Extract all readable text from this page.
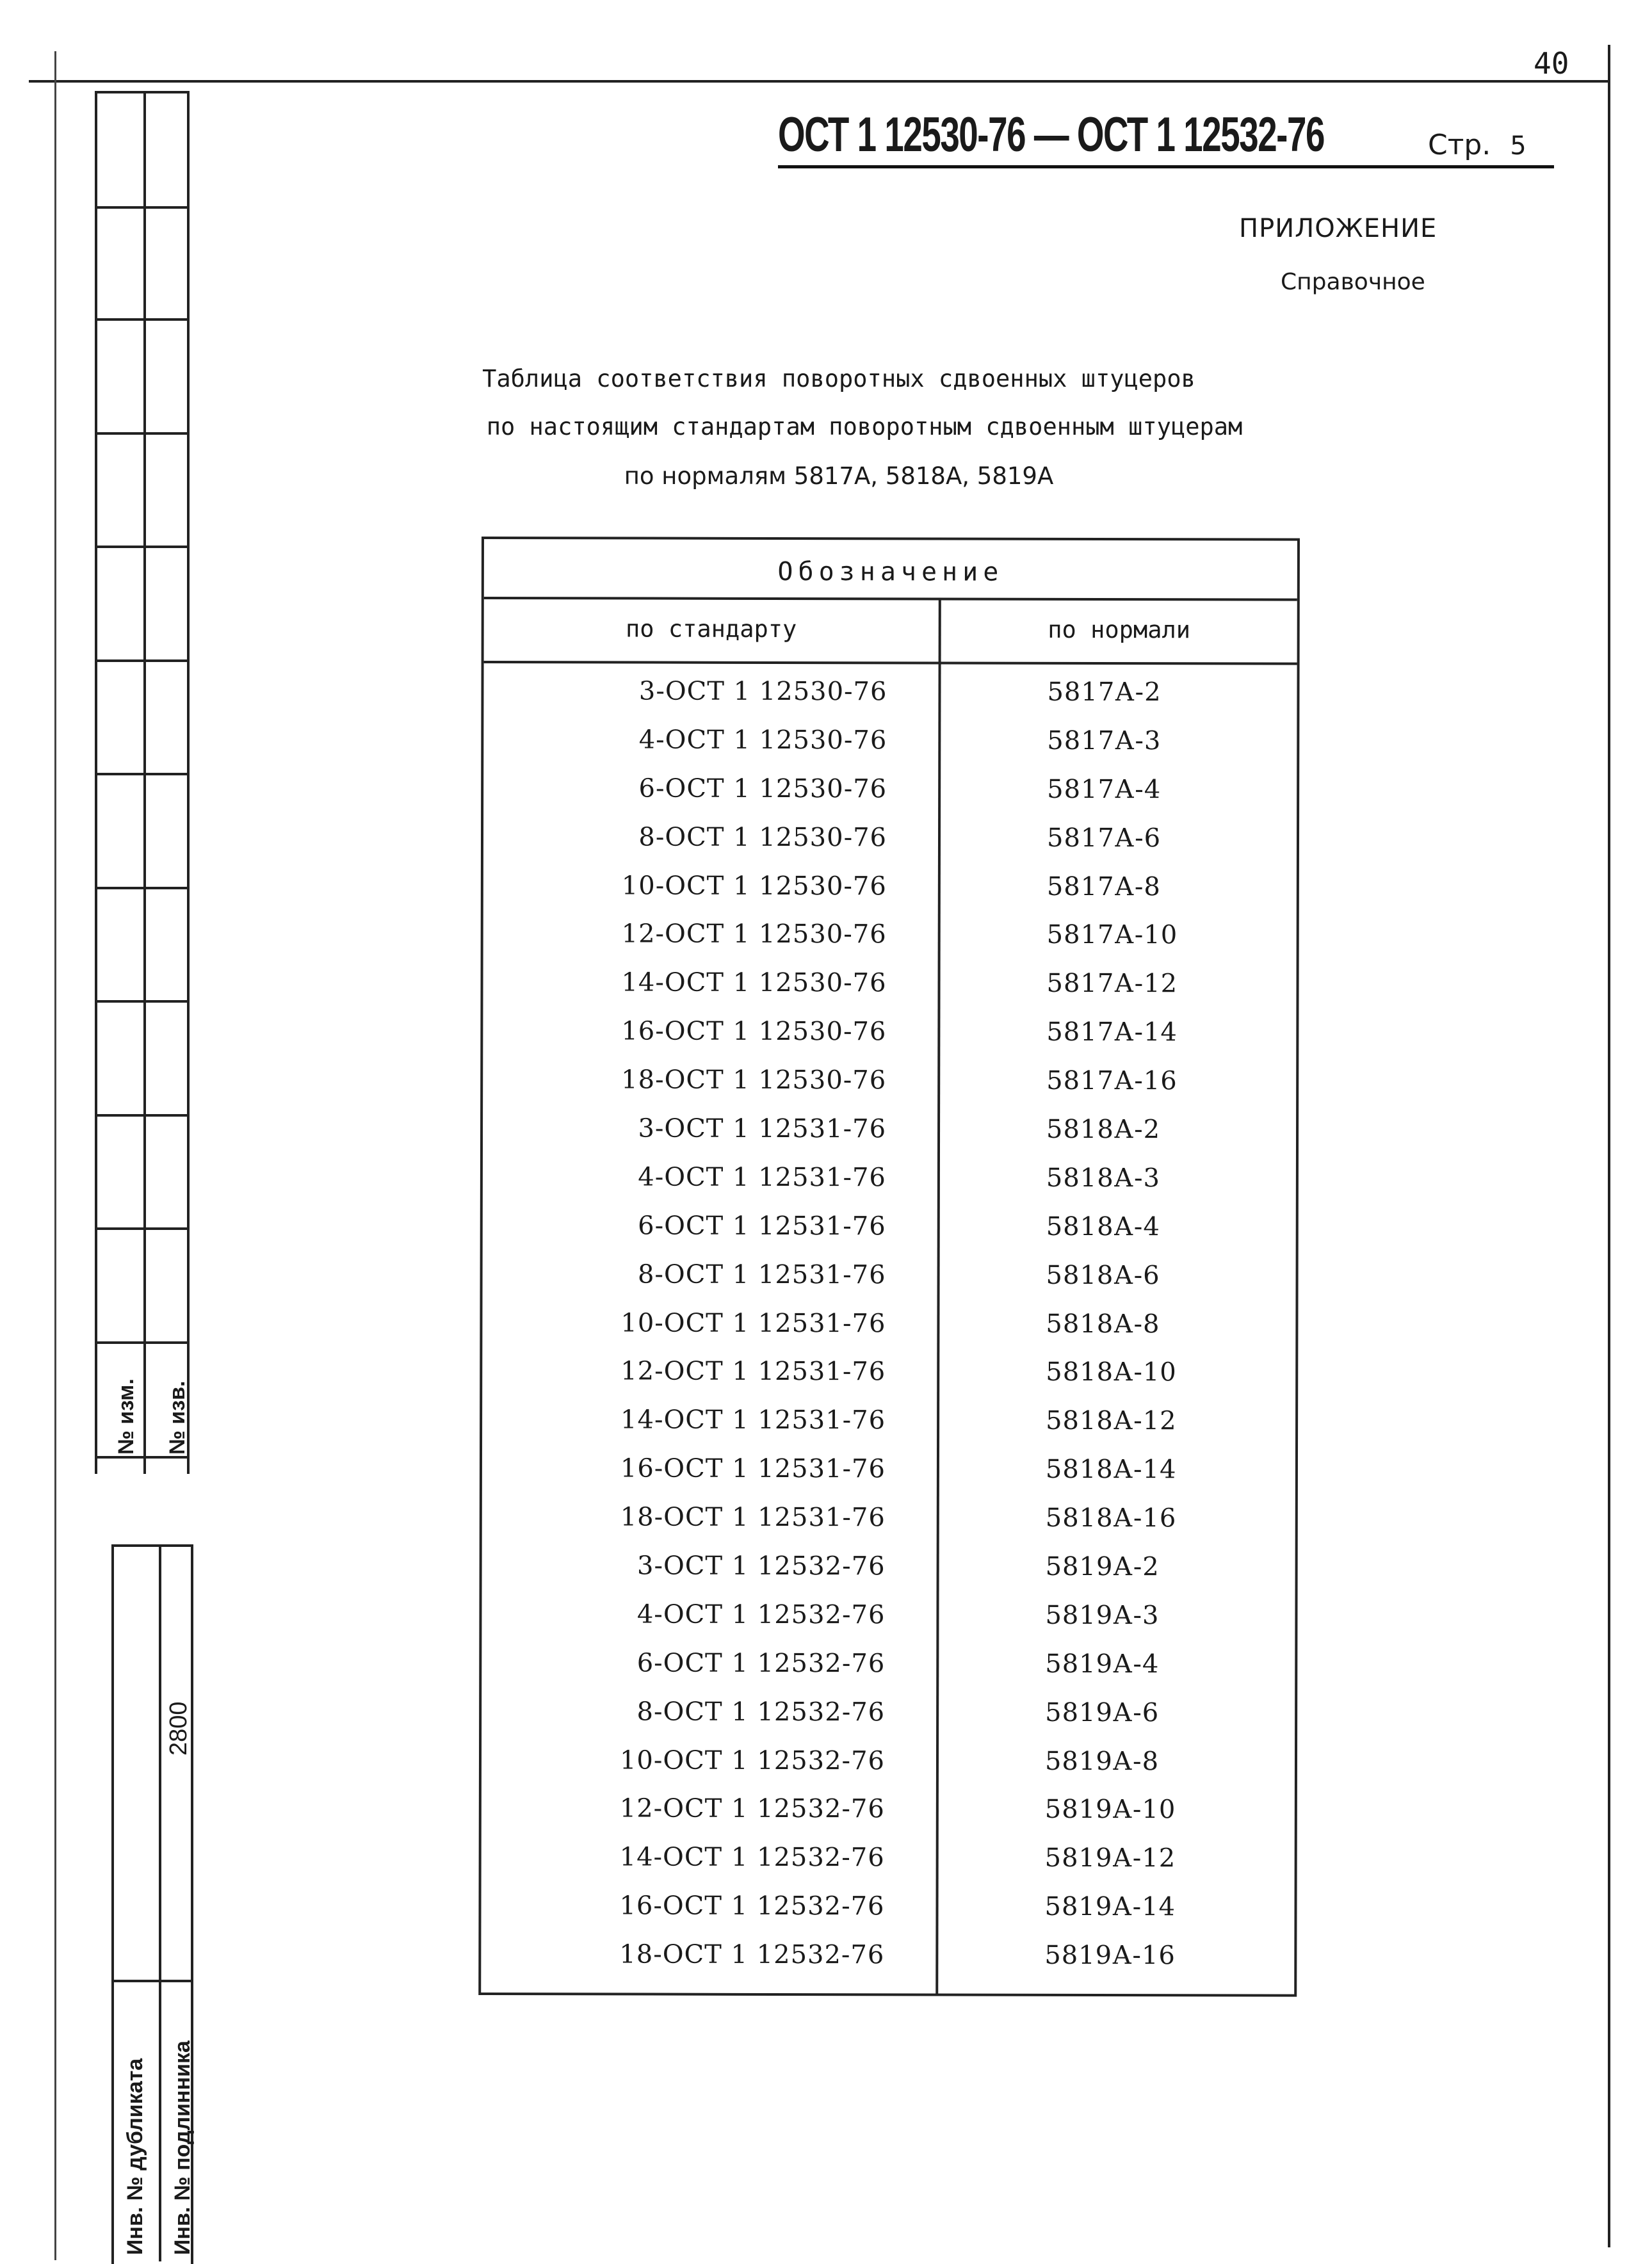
40
№ изм. № изв.
2800
Инв. № дубликата Инв. № подлинника
ОСТ 1 12530-76 — ОСТ 1 12532-76	Стр. 5
ПРИЛОЖЕНИЕ
Справочное
Таблица соответствия поворотных сдвоенных штуцеров
по настоящим стандартам поворотным сдвоенным штуцерам
по нормалям 5817А, 5818А, 5819А
Обозначение
по стандарту	по нормали
3-ОСТ 1 12530-76	5817А-2
4-ОСТ 1 12530-76	5817А-3
6-ОСТ 1 12530-76	5817А-4
8-ОСТ 1 12530-76	5817А-6
10-ОСТ 1 12530-76	5817А-8
12-ОСТ 1 12530-76	5817А-10
14-ОСТ 1 12530-76	5817А-12
16-ОСТ 1 12530-76	5817А-14
18-ОСТ 1 12530-76	5817А-16
3-ОСТ 1 12531-76	5818А-2
4-ОСТ 1 12531-76	5818А-3
6-ОСТ 1 12531-76	5818А-4
8-ОСТ 1 12531-76	5818А-6
10-ОСТ 1 12531-76	5818А-8
12-ОСТ 1 12531-76	5818А-10
14-ОСТ 1 12531-76	5818А-12
16-ОСТ 1 12531-76	5818А-14
18-ОСТ 1 12531-76	5818А-16
3-ОСТ 1 12532-76	5819А-2
4-ОСТ 1 12532-76	5819А-3
6-ОСТ 1 12532-76	5819А-4
8-ОСТ 1 12532-76	5819А-6
10-ОСТ 1 12532-76	5819А-8
12-ОСТ 1 12532-76	5819А-10
14-ОСТ 1 12532-76	5819А-12
16-ОСТ 1 12532-76	5819А-14
18-ОСТ 1 12532-76	5819А-16
